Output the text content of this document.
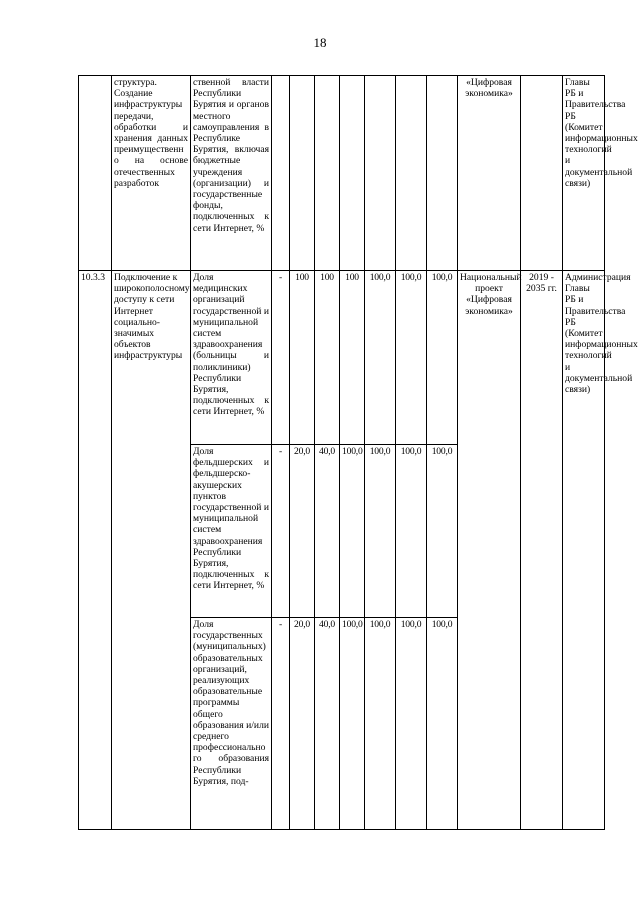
18
	структура. Создание инфраструктуры передачи, обработки и хранения данных преимущественно на основе отечественных разработок	ственной власти Республики Бурятия и органов местного самоуправления в Республике Бурятия, включая бюджетные учреждения (организации) и государственные фонды, подключенных к сети Интернет, %								«Цифровая экономика»		Главы РБ и Правительства РБ (Комитет информационных технологий и документальной связи)
10.3.3	Подключение к широкополосному доступу к сети Интернет социально-значимых объектов инфраструктуры	Доля медицинских организаций государственной и муниципальной систем здравоохранения (больницы и поликлиники) Республики Бурятия, подключенных к сети Интернет, %	-	100	100	100	100,0	100,0	100,0	Национальный проект «Цифровая экономика»	2019 - 2035 гг.	Администрация Главы РБ и Правительства РБ (Комитет информационных технологий и документальной связи)
		Доля фельдшерских и фельдшерско-акушерских пунктов государственной и муниципальной систем здравоохранения Республики Бурятия, подключенных к сети Интернет, %	-	20,0	40,0	100,0	100,0	100,0	100,0			
		Доля государственных (муниципальных) образовательных организаций, реализующих образовательные программы общего образования и/или среднего профессионального образования Республики Бурятия, под-	-	20,0	40,0	100,0	100,0	100,0	100,0			
